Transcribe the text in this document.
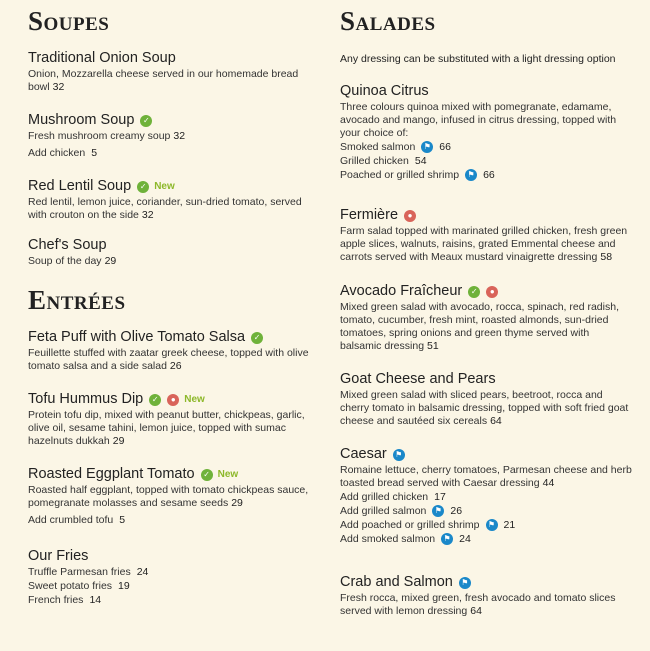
Soupes
Traditional Onion Soup
Onion, Mozzarella cheese served in our homemade bread bowl 32
Mushroom Soup	✓
Fresh mushroom creamy soup 32
Add chicken 5
Red Lentil Soup	✓ New
Red lentil, lemon juice, coriander, sun-dried tomato, served with crouton on the side 32
Chef's Soup
Soup of the day 29
Entrées
Feta Puff with Olive Tomato Salsa	✓
Feuillette stuffed with zaatar greek cheese, topped with olive tomato salsa and a side salad 26
Tofu Hummus Dip	✓	● New
Protein tofu dip, mixed with peanut butter, chickpeas, garlic, olive oil, sesame tahini, lemon juice, topped with sumac hazelnuts dukkah 29
Roasted Eggplant Tomato	✓ New
Roasted half eggplant, topped with tomato chickpeas sauce, pomegranate molasses and sesame seeds 29
Add crumbled tofu 5
Our Fries
Truffle Parmesan fries 24
Sweet potato fries 19
French fries 14
Salades
Any dressing can be substituted with a light dressing option
Quinoa Citrus
Three colours quinoa mixed with pomegranate, edamame, avocado and mango, infused in citrus dressing, topped with your choice of:
Smoked salmon	⚑ 66
Grilled chicken 54
Poached or grilled shrimp	⚑ 66
Fermière	●
Farm salad topped with marinated grilled chicken, fresh green apple slices, walnuts, raisins, grated Emmental cheese and carrots served with Meaux mustard vinaigrette dressing 58
Avocado Fraîcheur	✓	●
Mixed green salad with avocado, rocca, spinach, red radish, tomato, cucumber, fresh mint, roasted almonds, sun-dried tomatoes, spring onions and green thyme served with balsamic dressing 51
Goat Cheese and Pears
Mixed green salad with sliced pears, beetroot, rocca and cherry tomato in balsamic dressing, topped with soft fried goat cheese and sautéed six cereals 64
Caesar	⚑
Romaine lettuce, cherry tomatoes, Parmesan cheese and herb toasted bread served with Caesar dressing 44
Add grilled chicken 17
Add grilled salmon	⚑ 26
Add poached or grilled shrimp	⚑ 21
Add smoked salmon	⚑ 24
Crab and Salmon	⚑
Fresh rocca, mixed green, fresh avocado and tomato slices served with lemon dressing 64
